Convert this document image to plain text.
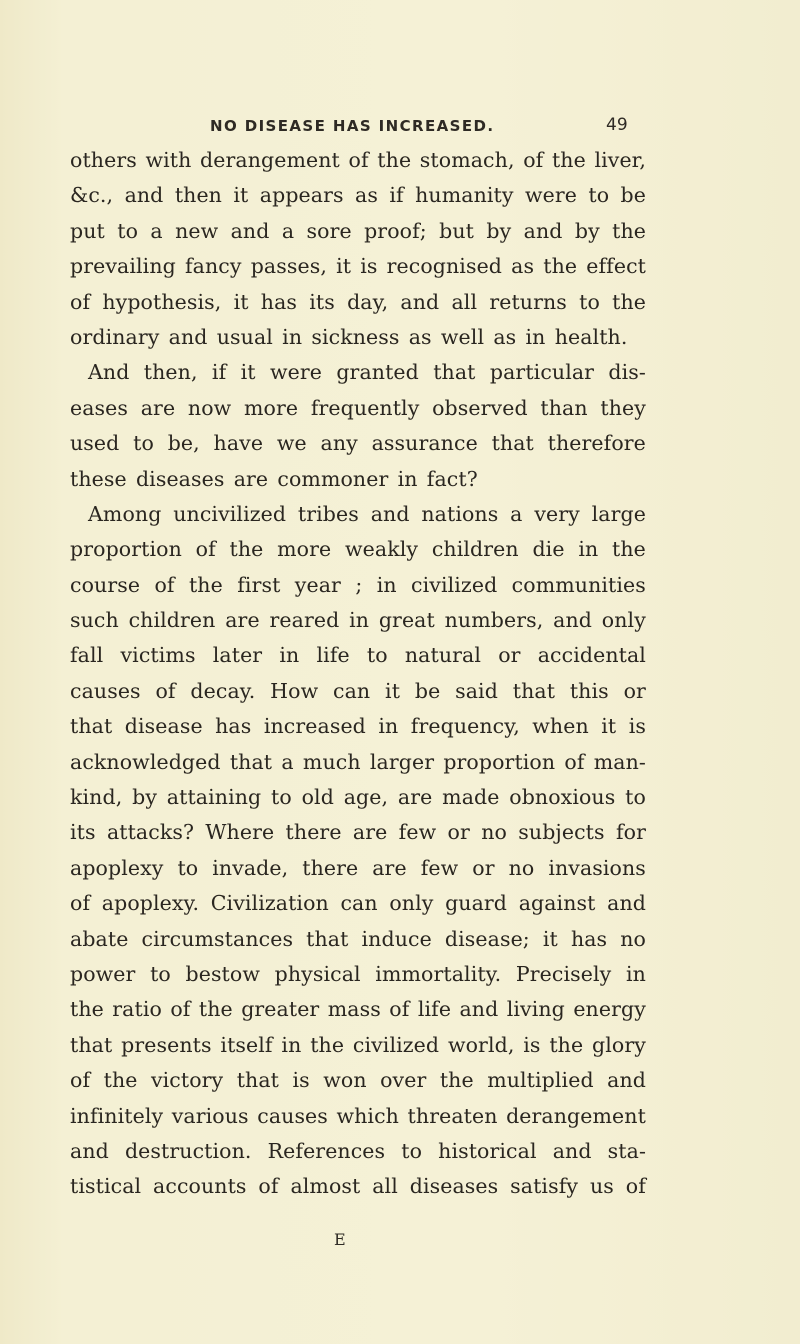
NO DISEASE HAS INCREASED.	49
others with derangement of the stomach, of the liver,
&c., and then it appears as if humanity were to be
put to a new and a sore proof; but by and by the
prevailing fancy passes, it is recognised as the effect
of hypothesis, it has its day, and all returns to the
ordinary and usual in sickness as well as in health.
And then, if it were granted that particular dis-
eases are now more frequently observed than they
used to be, have we any assurance that therefore
these diseases are commoner in fact?
Among uncivilized tribes and nations a very large
proportion of the more weakly children die in the
course of the first year ; in civilized communities
such children are reared in great numbers, and only
fall victims later in life to natural or accidental
causes of decay. How can it be said that this or
that disease has increased in frequency, when it is
acknowledged that a much larger proportion of man-
kind, by attaining to old age, are made obnoxious to
its attacks? Where there are few or no subjects for
apoplexy to invade, there are few or no invasions
of apoplexy. Civilization can only guard against and
abate circumstances that induce disease; it has no
power to bestow physical immortality. Precisely in
the ratio of the greater mass of life and living energy
that presents itself in the civilized world, is the glory
of the victory that is won over the multiplied and
infinitely various causes which threaten derangement
and destruction. References to historical and sta-
tistical accounts of almost all diseases satisfy us of
E
